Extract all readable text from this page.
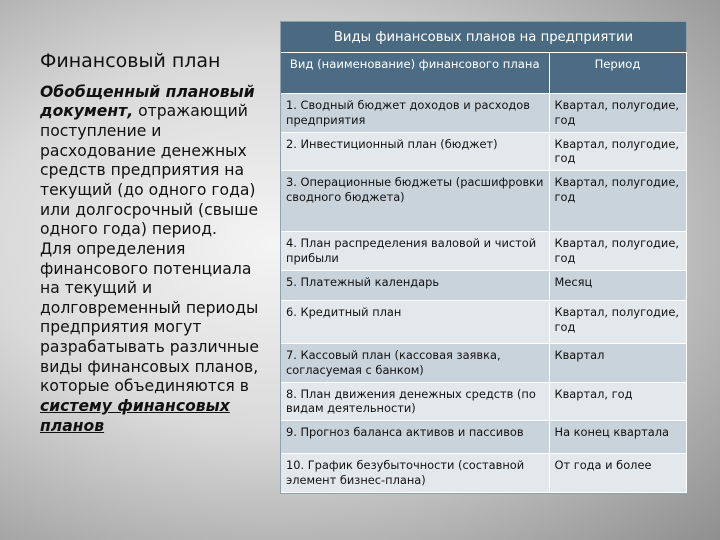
Финансовый план

Обобщенный плановый документ, отражающий поступление и расходование денежных средств предприятия на текущий (до одного года) или долгосрочный (свыше одного года) период.

Для определения финансового потенциала на текущий и долговременный периоды предприятия могут разрабатывать различные виды финансовых планов, которые объединяются в систему финансовых планов

Виды финансовых планов на предприятии	
Вид (наименование) финансового плана	Период
1. Сводный бюджет доходов и расходов предприятия	Квартал, полугодие, год
2. Инвестиционный план (бюджет)	Квартал, полугодие, год
3. Операционные бюджеты (расшифровки сводного бюджета)	Квартал, полугодие, год
4. План распределения валовой и чистой прибыли	Квартал, полугодие, год
5. Платежный календарь	Месяц
6. Кредитный план	Квартал, полугодие, год
7. Кассовый план (кассовая заявка, согласуемая с банком)	Квартал
8. План движения денежных средств (по видам деятельности)	Квартал, год
9. Прогноз баланса активов и пассивов	На конец квартала
10. График безубыточности (составной элемент бизнес-плана)	От года и более
